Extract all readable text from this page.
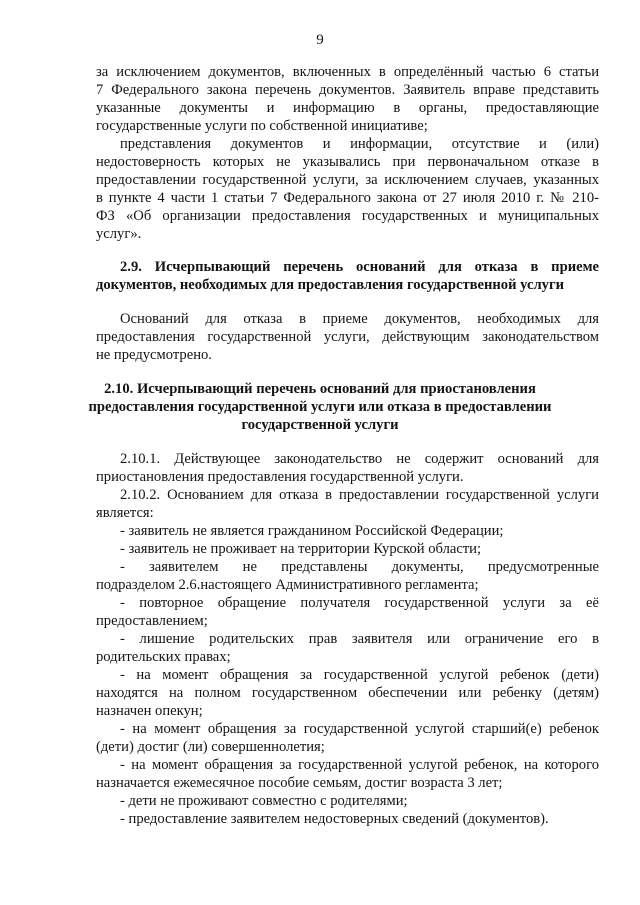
9
за исключением документов, включенных в определённый частью 6 статьи
7 Федерального закона перечень документов. Заявитель вправе представить
указанные документы и информацию в органы, предоставляющие
государственные услуги по собственной инициативе;
представления документов и информации, отсутствие и (или)
недостоверность которых не указывались при первоначальном отказе в
предоставлении государственной услуги, за исключением случаев, указанных
в пункте 4 части 1 статьи 7 Федерального закона от 27 июля 2010 г. № 210-
ФЗ «Об организации предоставления государственных и муниципальных
услуг».
2.9. Исчерпывающий перечень оснований для отказа в приеме
документов, необходимых для предоставления государственной услуги
Оснований для отказа в приеме документов, необходимых для
предоставления государственной услуги, действующим законодательством
не предусмотрено.
2.10. Исчерпывающий перечень оснований для приостановления
предоставления государственной услуги или отказа в предоставлении
государственной услуги
2.10.1. Действующее законодательство не содержит оснований для
приостановления предоставления государственной услуги.
2.10.2. Основанием для отказа в предоставлении государственной услуги
является:
- заявитель не является гражданином Российской Федерации;
- заявитель не проживает на территории Курской области;
- заявителем не представлены документы, предусмотренные
подразделом 2.6.настоящего Административного регламента;
- повторное обращение получателя государственной услуги за её
предоставлением;
- лишение родительских прав заявителя или ограничение его в
родительских правах;
- на момент обращения за государственной услугой ребенок (дети)
находятся на полном государственном обеспечении или ребенку (детям)
назначен опекун;
- на момент обращения за государственной услугой старший(е) ребенок
(дети) достиг (ли) совершеннолетия;
- на момент обращения за государственной услугой ребенок, на которого
назначается ежемесячное пособие семьям, достиг возраста 3 лет;
- дети не проживают совместно с родителями;
- предоставление заявителем недостоверных сведений (документов).
